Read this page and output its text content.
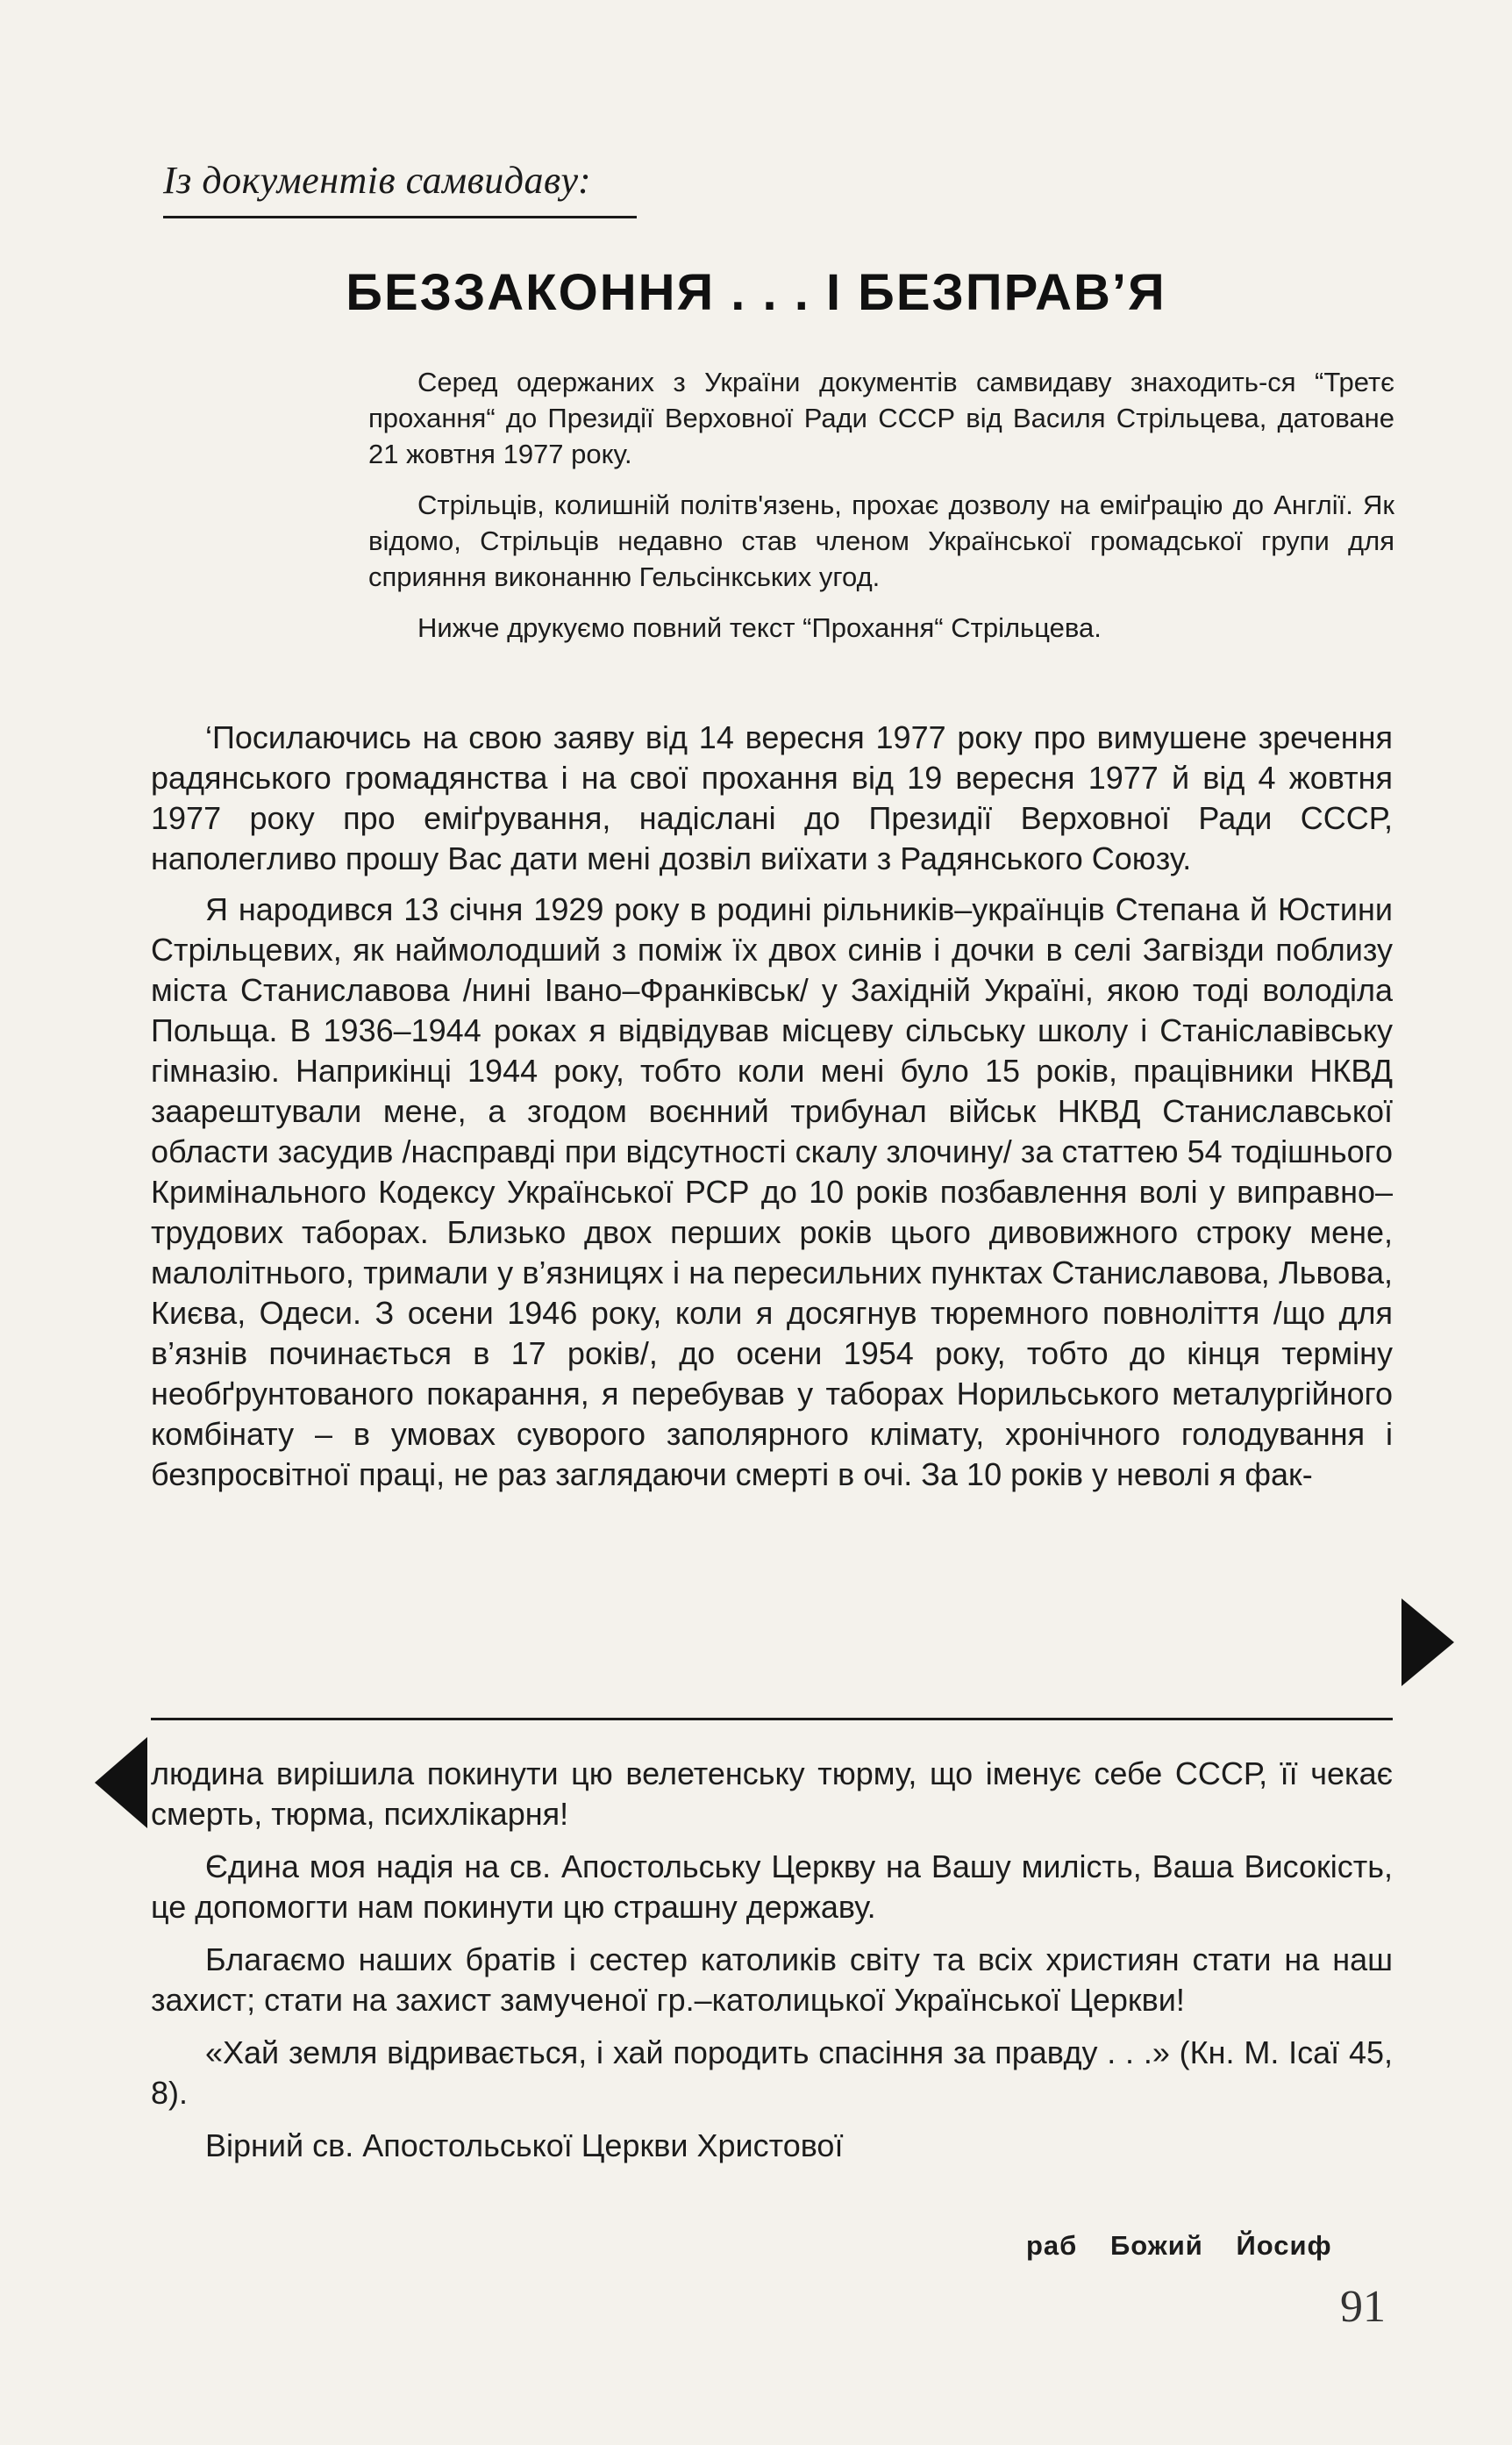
Із документів самвидаву:
БЕЗЗАКОННЯ . . . І БЕЗПРАВ’Я

Серед одержаних з України документів самвидаву знаходить-ся “Третє прохання“ до Президії Верховної Ради СССР від Василя Стрільцева, датоване 21 жовтня 1977 року.

Стрільців, колишній політв'язень, прохає дозволу на еміґрацію до Англії. Як відомо, Стрільців недавно став членом Української громадської групи для сприяння виконанню Гельсінкських угод.

Нижче друкуємо повний текст “Прохання“ Стрільцева.

‘Посилаючись на свою заяву від 14 вересня 1977 року про вимушене зречення радянського громадянства і на свої прохання від 19 вересня 1977 й від 4 жовтня 1977 року про еміґрування, надіслані до Президії Верховної Ради СССР, наполегливо прошу Вас дати мені дозвіл виїхати з Радянського Союзу.

Я народився 13 січня 1929 року в родині рільників–українців Степана й Юстини Стрільцевих, як наймолодший з поміж їх двох синів і дочки в селі Загвізди поблизу міста Станиславова /нині Івано–Франківськ/ у Західній Україні, якою тоді володіла Польща. В 1936–1944 роках я відвідував місцеву сільську школу і Станіславівську гімназію. Наприкінці 1944 року, тобто коли мені було 15 років, працівники НКВД заарештували мене, а згодом воєнний трибунал військ НКВД Станиславської области засудив /насправді при відсутності скалу злочину/ за статтею 54 тодішнього Кримінального Кодексу Української РСР до 10 років позбавлення волі у виправно–трудових таборах. Близько двох перших років цього дивовижного строку мене, малолітнього, тримали у в’язницях і на пересильних пунктах Станиславова, Львова, Києва, Одеси. З осени 1946 року, коли я досягнув тюремного повноліття /що для в’язнів починається в 17 років/, до осени 1954 року, тобто до кінця терміну необґрунтованого покарання, я перебував у таборах Норильського металургійного комбінату – в умовах суворого заполярного клімату, хронічного голодування і безпросвітної праці, не раз заглядаючи смерті в очі. За 10 років у неволі я фак-

людина вирішила покинути цю велетенську тюрму, що іменує себе СССР, її чекає смерть, тюрма, психлікарня!

Єдина моя надія на св. Апостольську Церкву на Вашу милість, Ваша Високість, це допомогти нам покинути цю страшну державу.

Благаємо наших братів і сестер католиків світу та всіх християн стати на наш захист; стати на захист замученої гр.–католицької Української Церкви!

«Хай земля відривається, і хай породить спасіння за правду . . .» (Кн. М. Ісаї 45, 8).

Вірний св. Апостольської Церкви Христової

раб Божий Йосиф
91
